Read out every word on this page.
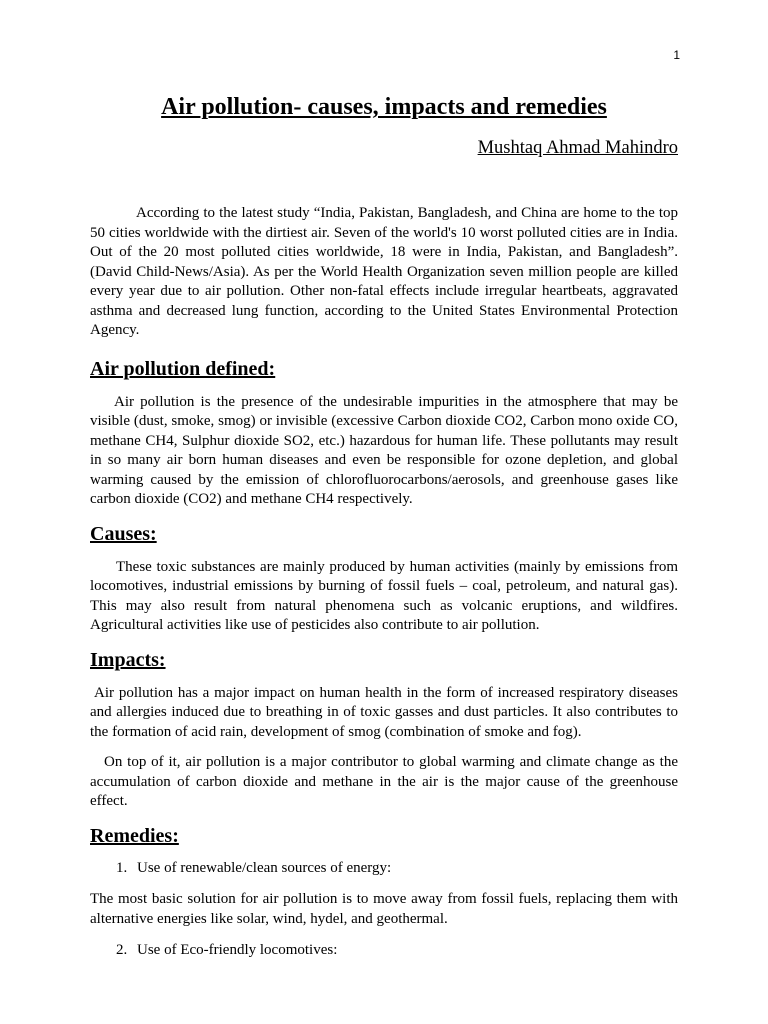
1
Air pollution- causes, impacts and remedies
Mushtaq Ahmad Mahindro

According to the latest study “India, Pakistan, Bangladesh, and China are home to the top 50 cities worldwide with the dirtiest air. Seven of the world's 10 worst polluted cities are in India. Out of the 20 most polluted cities worldwide, 18 were in India, Pakistan, and Bangladesh”. (David Child-News/Asia). As per the World Health Organization seven million people are killed every year due to air pollution. Other non-fatal effects include irregular heartbeats, aggravated asthma and decreased lung function, according to the United States Environmental Protection Agency.

Air pollution defined:

Air pollution is the presence of the undesirable impurities in the atmosphere that may be visible (dust, smoke, smog) or invisible (excessive Carbon dioxide CO2, Carbon mono oxide CO, methane CH4, Sulphur dioxide SO2, etc.) hazardous for human life. These pollutants may result in so many air born human diseases and even be responsible for ozone depletion, and global warming caused by the emission of chlorofluorocarbons/aerosols, and greenhouse gases like carbon dioxide (CO2) and methane CH4 respectively.

Causes:

These toxic substances are mainly produced by human activities (mainly by emissions from locomotives, industrial emissions by burning of fossil fuels – coal, petroleum, and natural gas). This may also result from natural phenomena such as volcanic eruptions, and wildfires. Agricultural activities like use of pesticides also contribute to air pollution.

Impacts:

Air pollution has a major impact on human health in the form of increased respiratory diseases and allergies induced due to breathing in of toxic gasses and dust particles. It also contributes to the formation of acid rain, development of smog (combination of smoke and fog).

On top of it, air pollution is a major contributor to global warming and climate change as the accumulation of carbon dioxide and methane in the air is the major cause of the greenhouse effect.

Remedies:
1. Use of renewable/clean sources of energy:

The most basic solution for air pollution is to move away from fossil fuels, replacing them with alternative energies like solar, wind, hydel, and geothermal.

2. Use of Eco-friendly locomotives:
